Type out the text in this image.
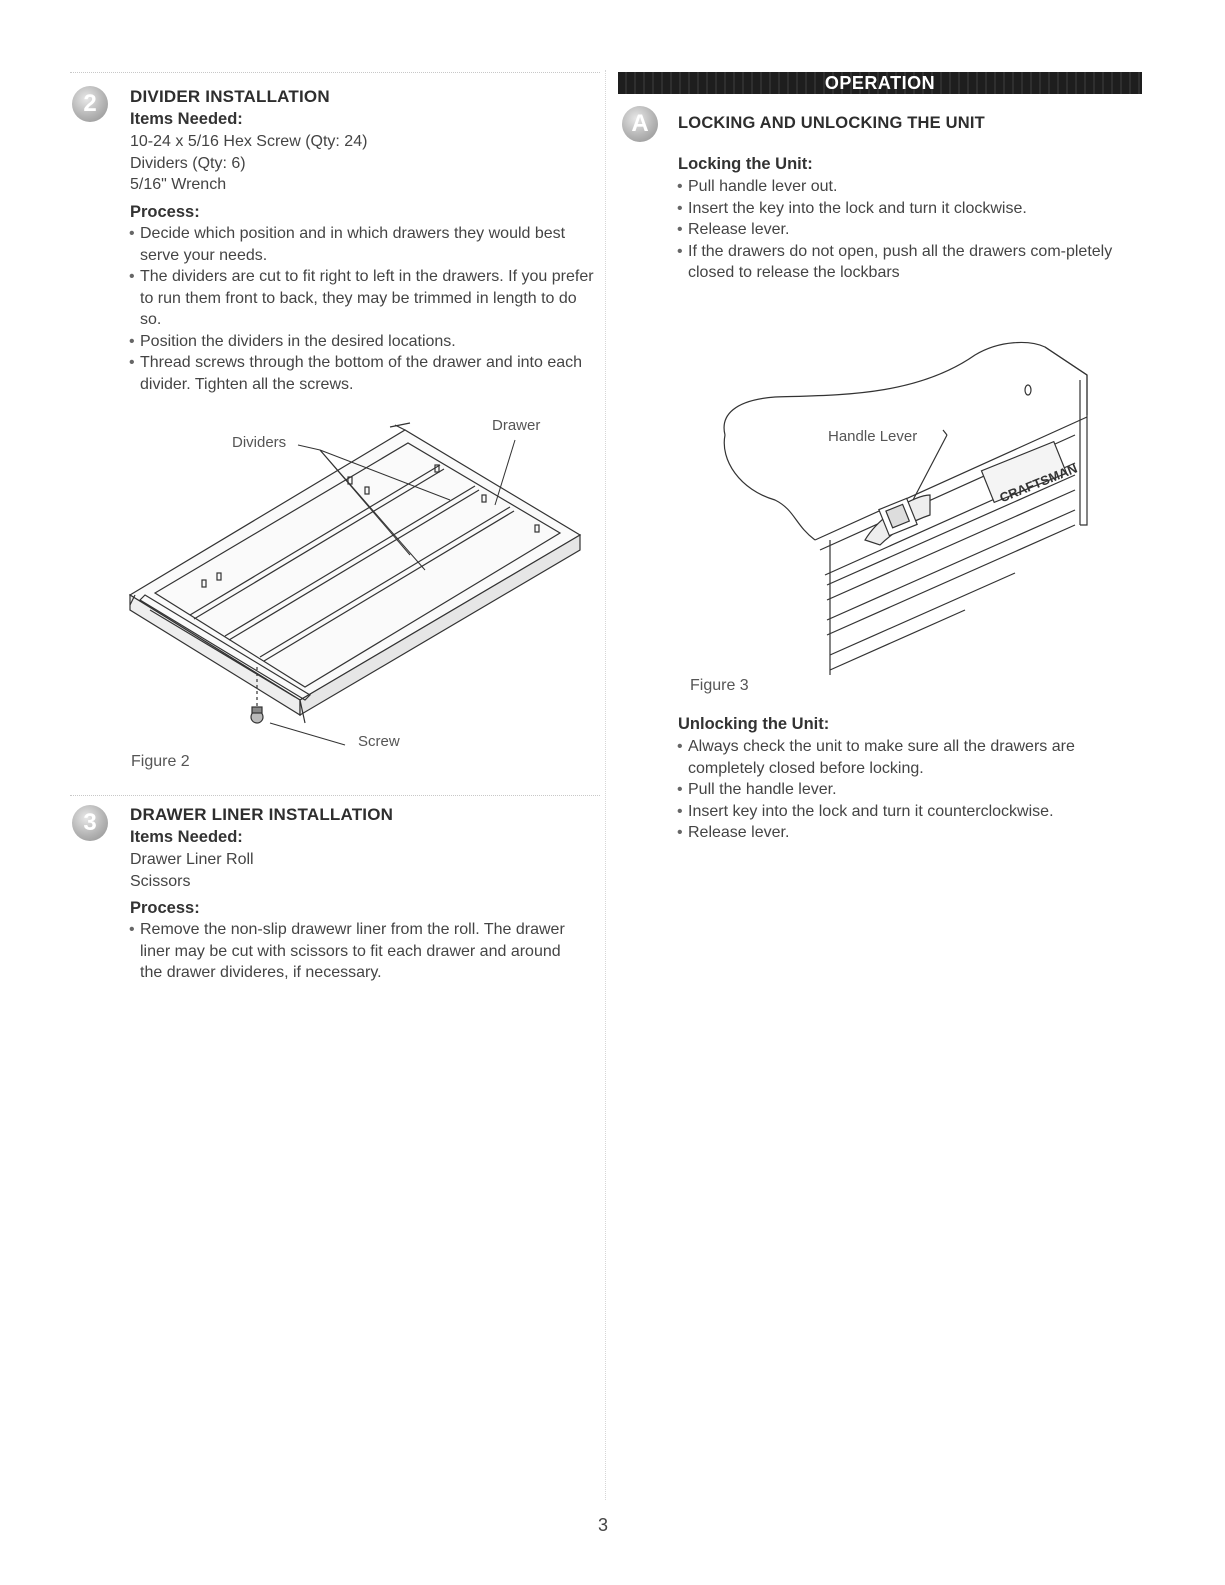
2	DIVIDER INSTALLATION
Items Needed:
10-24 x 5/16 Hex Screw (Qty: 24)
Dividers (Qty: 6)
5/16" Wrench
Process:
• Decide which position and in which drawers they would best serve your needs.
• The dividers are cut to fit right to left in the drawers. If you prefer to run them front to back, they may be trimmed in length to do so.
• Position the dividers in the desired locations.
• Thread screws through the bottom of the drawer and into each divider. Tighten all the screws.
Dividers
Drawer
Screw
Figure 2
3	DRAWER LINER INSTALLATION
Items Needed:
Drawer Liner Roll
Scissors
Process:
• Remove the non-slip drawewr liner from the roll. The drawer liner may be cut with scissors to fit each drawer and around the drawer divideres, if necessary.
OPERATION
A	LOCKING AND UNLOCKING THE UNIT
Locking the Unit:
• Pull handle lever out.
• Insert the key into the lock and turn it clockwise.
• Release lever.
• If the drawers do not open, push all the drawers com-pletely closed to release the lockbars
CRAFTSMAN
Handle Lever
Figure 3
Unlocking the Unit:
• Always check the unit to make sure all the drawers are completely closed before locking.
• Pull the handle lever.
• Insert key into the lock and turn it counterclockwise.
• Release lever.
3
